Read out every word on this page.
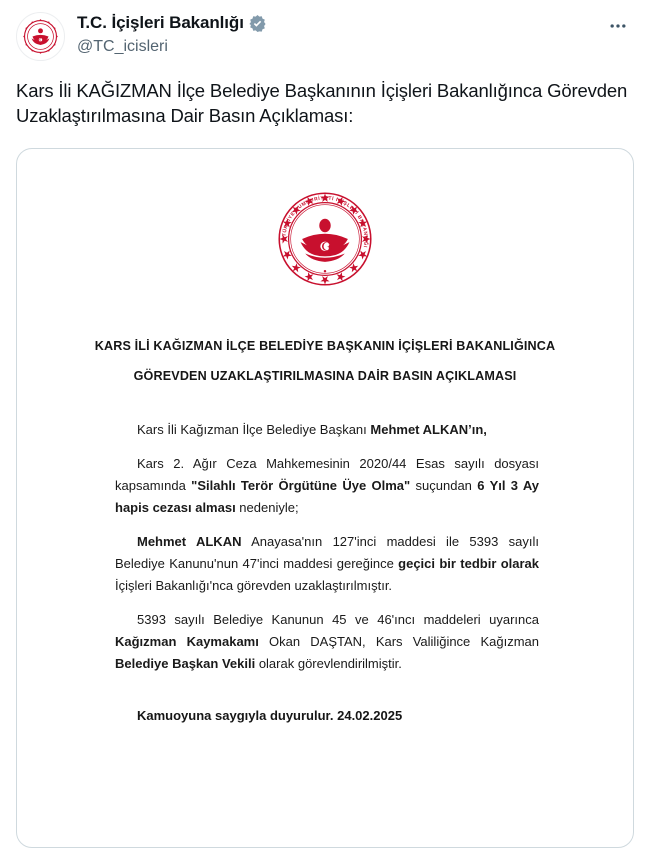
T.C. İçişleri Bakanlığı
@TC_icisleri
Kars İli KAĞIZMAN İlçe Belediye Başkanının İçişleri Bakanlığınca Görevden Uzaklaştırılmasına Dair Basın Açıklaması:
TÜRKİYE CUMHURİYETİ İÇİŞLERİ BAKANLIĞI
KARS İLİ KAĞIZMAN İLÇE BELEDİYE BAŞKANIN İÇİŞLERİ BAKANLIĞINCA
GÖREVDEN UZAKLAŞTIRILMASINA DAİR BASIN AÇIKLAMASI

Kars İli Kağızman İlçe Belediye Başkanı Mehmet ALKAN’ın,

Kars 2. Ağır Ceza Mahkemesinin 2020/44 Esas sayılı dosyası kapsamında "Silahlı Terör Örgütüne Üye Olma" suçundan 6 Yıl 3 Ay hapis cezası alması nedeniyle;

Mehmet ALKAN Anayasa'nın 127'inci maddesi ile 5393 sayılı Belediye Kanunu'nun 47'inci maddesi gereğince geçici bir tedbir olarak İçişleri Bakanlığı'nca görevden uzaklaştırılmıştır.

5393 sayılı Belediye Kanunun 45 ve 46'ıncı maddeleri uyarınca Kağızman Kaymakamı Okan DAŞTAN, Kars Valiliğince Kağızman Belediye Başkan Vekili olarak görevlendirilmiştir.

Kamuoyuna saygıyla duyurulur. 24.02.2025
